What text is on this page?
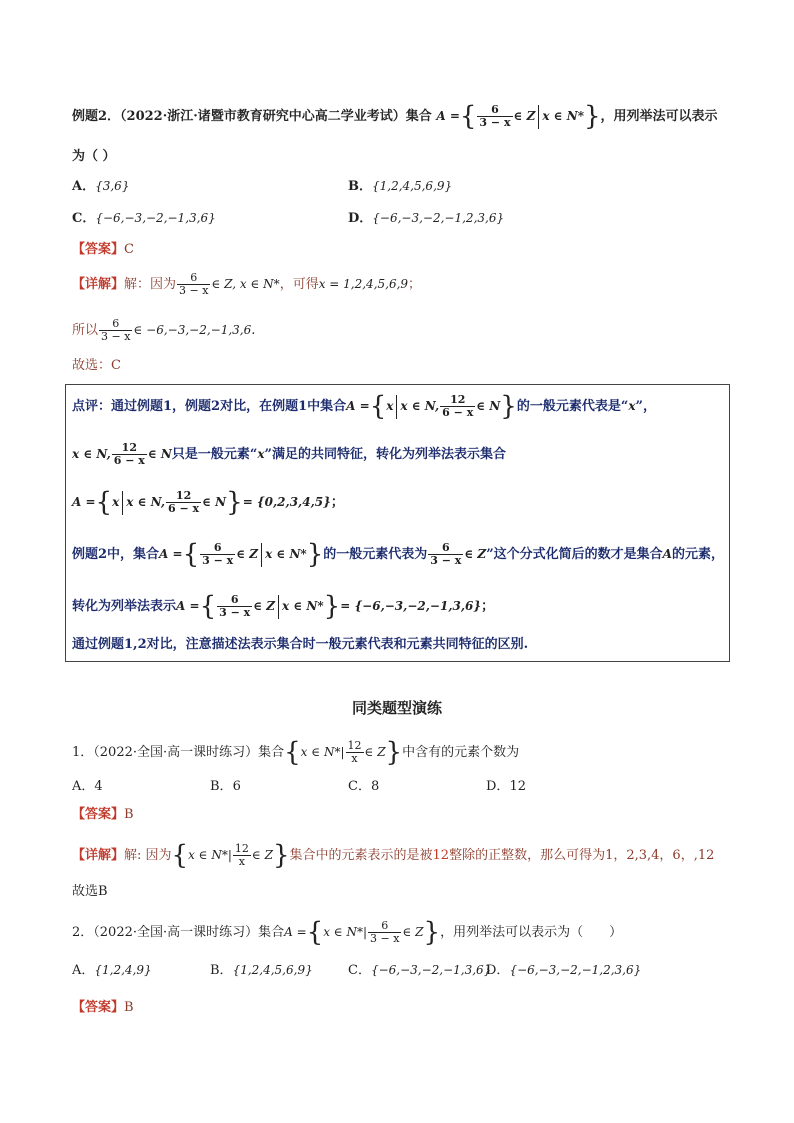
例题2．（2022·浙江·诸暨市教育研究中心高二学业考试）集合 A ={ $\frac{6}{3 - x}$ ∈ Z x ∈ N*}，用列举法可以表示
为（ ）
A．{3,6}	B．{1,2,4,5,6,9}
C．{−6,−3,−2,−1,3,6}	D．{−6,−3,−2,−1,2,3,6}
【答案】C
【详解】解：因为 $\frac{6}{3 - x}$ ∈ Z, x ∈ N*，可得x = 1,2,4,5,6,9；
所以 $\frac{6}{3 - x}$ ∈ −6,−3,−2,−1,3,6.
故选：C
点评：通过例题1，例题2对比，在例题1中集合A ={x x ∈ N, $\frac{12}{6 - x}$ ∈ N}的一般元素代表是“x”，
x ∈ N, $\frac{12}{6 - x}$ ∈ N只是一般元素“x”满足的共同特征，转化为列举法表示集合
A ={x x ∈ N, $\frac{12}{6 - x}$ ∈ N}= {0,2,3,4,5}；
例题2中，集合A ={ $\frac{6}{3 - x}$ ∈ Z x ∈ N*}的一般元素代表为 $\frac{6}{3 - x}$ ∈ Z”这个分式化简后的数才是集合A的元素，
转化为列举法表示A ={ $\frac{6}{3 - x}$ ∈ Z x ∈ N*}= {−6,−3,−2,−1,3,6}；
通过例题1,2对比，注意描述法表示集合时一般元素代表和元素共同特征的区别.
同类题型演练
1．（2022·全国·高一课时练习）集合{x ∈ $N*| \frac{12}{x}$ ∈ Z}中含有的元素个数为
A．4	B．6	C．8	D．12
【答案】B
【详解】解: 因为{x ∈ $N*| \frac{12}{x}$ ∈ Z}集合中的元素表示的是被12整除的正整数，那么可得为1，2,3,4，6，,12
故选B
2．（2022·全国·高一课时练习）集合A ={x ∈ $N*| \frac{6}{3 - x}$ ∈ Z}，用列举法可以表示为（　　）
A．{1,2,4,9}	B．{1,2,4,5,6,9}	C．{−6,−3,−2,−1,3,6}
D．{−6,−3,−2,−1,2,3,6}
【答案】B
